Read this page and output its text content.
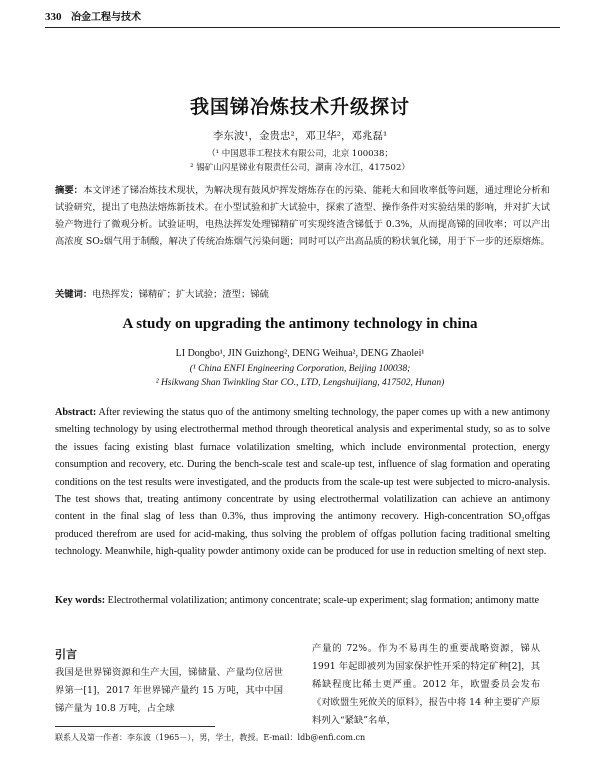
330 冶金工程与技术
我国锑冶炼技术升级探讨
李东波¹，金贵忠²，邓卫华²，邓兆磊¹
（¹ 中国恩菲工程技术有限公司，北京 100038；
² 锡矿山闪星锑业有限责任公司，湖南 冷水江，417502）
摘要：本文评述了锑冶炼技术现状，为解决现有鼓风炉挥发熔炼存在的污染、能耗大和回收率低等问题，通过理论分析和试验研究，提出了电热法熔炼新技术。在小型试验和扩大试验中，探索了渣型、操作条件对实验结果的影响，并对扩大试验产物进行了微观分析。试验证明，电热法挥发处理锑精矿可实现终渣含锑低于 0.3%，从而提高锑的回收率；可以产出高浓度 SO₂烟气用于制酸，解决了传统冶炼烟气污染问题；同时可以产出高品质的粉状氧化锑，用于下一步的还原熔炼。
关键词：电热挥发；锑精矿；扩大试验；渣型；锑硫
A study on upgrading the antimony technology in china
LI Dongbo¹, JIN Guizhong², DENG Weihua², DENG Zhaolei¹
(¹ China ENFI Engineering Corporation, Beijing 100038;
² Hsikwang Shan Twinkling Star CO., LTD, Lengshuijiang, 417502, Hunan)
Abstract: After reviewing the status quo of the antimony smelting technology, the paper comes up with a new antimony smelting technology by using electrothermal method through theoretical analysis and experimental study, so as to solve the issues facing existing blast furnace volatilization smelting, which include environmental protection, energy consumption and recovery, etc. During the bench-scale test and scale-up test, influence of slag formation and operating conditions on the test results were investigated, and the products from the scale-up test were subjected to micro-analysis. The test shows that, treating antimony concentrate by using electrothermal volatilization can achieve an antimony content in the final slag of less than 0.3%, thus improving the antimony recovery. High-concentration SO₂offgas produced therefrom are used for acid-making, thus solving the problem of offgas pollution facing traditional smelting technology. Meanwhile, high-quality powder antimony oxide can be produced for use in reduction smelting of next step.
Key words: Electrothermal volatilization; antimony concentrate; scale-up experiment; slag formation; antimony matte
引言
我国是世界锑资源和生产大国，锑储量、产量均位居世界第一[1]，2017 年世界锑产量约 15 万吨，其中中国锑产量为 10.8 万吨，占全球
产量的 72%。作为不易再生的重要战略资源，锑从 1991 年起即被列为国家保护性开采的特定矿种[2]，其稀缺程度比稀土更严重。2012 年，欧盟委员会发布《对欧盟生死攸关的原料》，报告中将 14 种主要矿产原料列入“紧缺”名单，
联系人及第一作者：李东波（1965－），男，学士，教授。E-mail：ldb@enfi.com.cn
